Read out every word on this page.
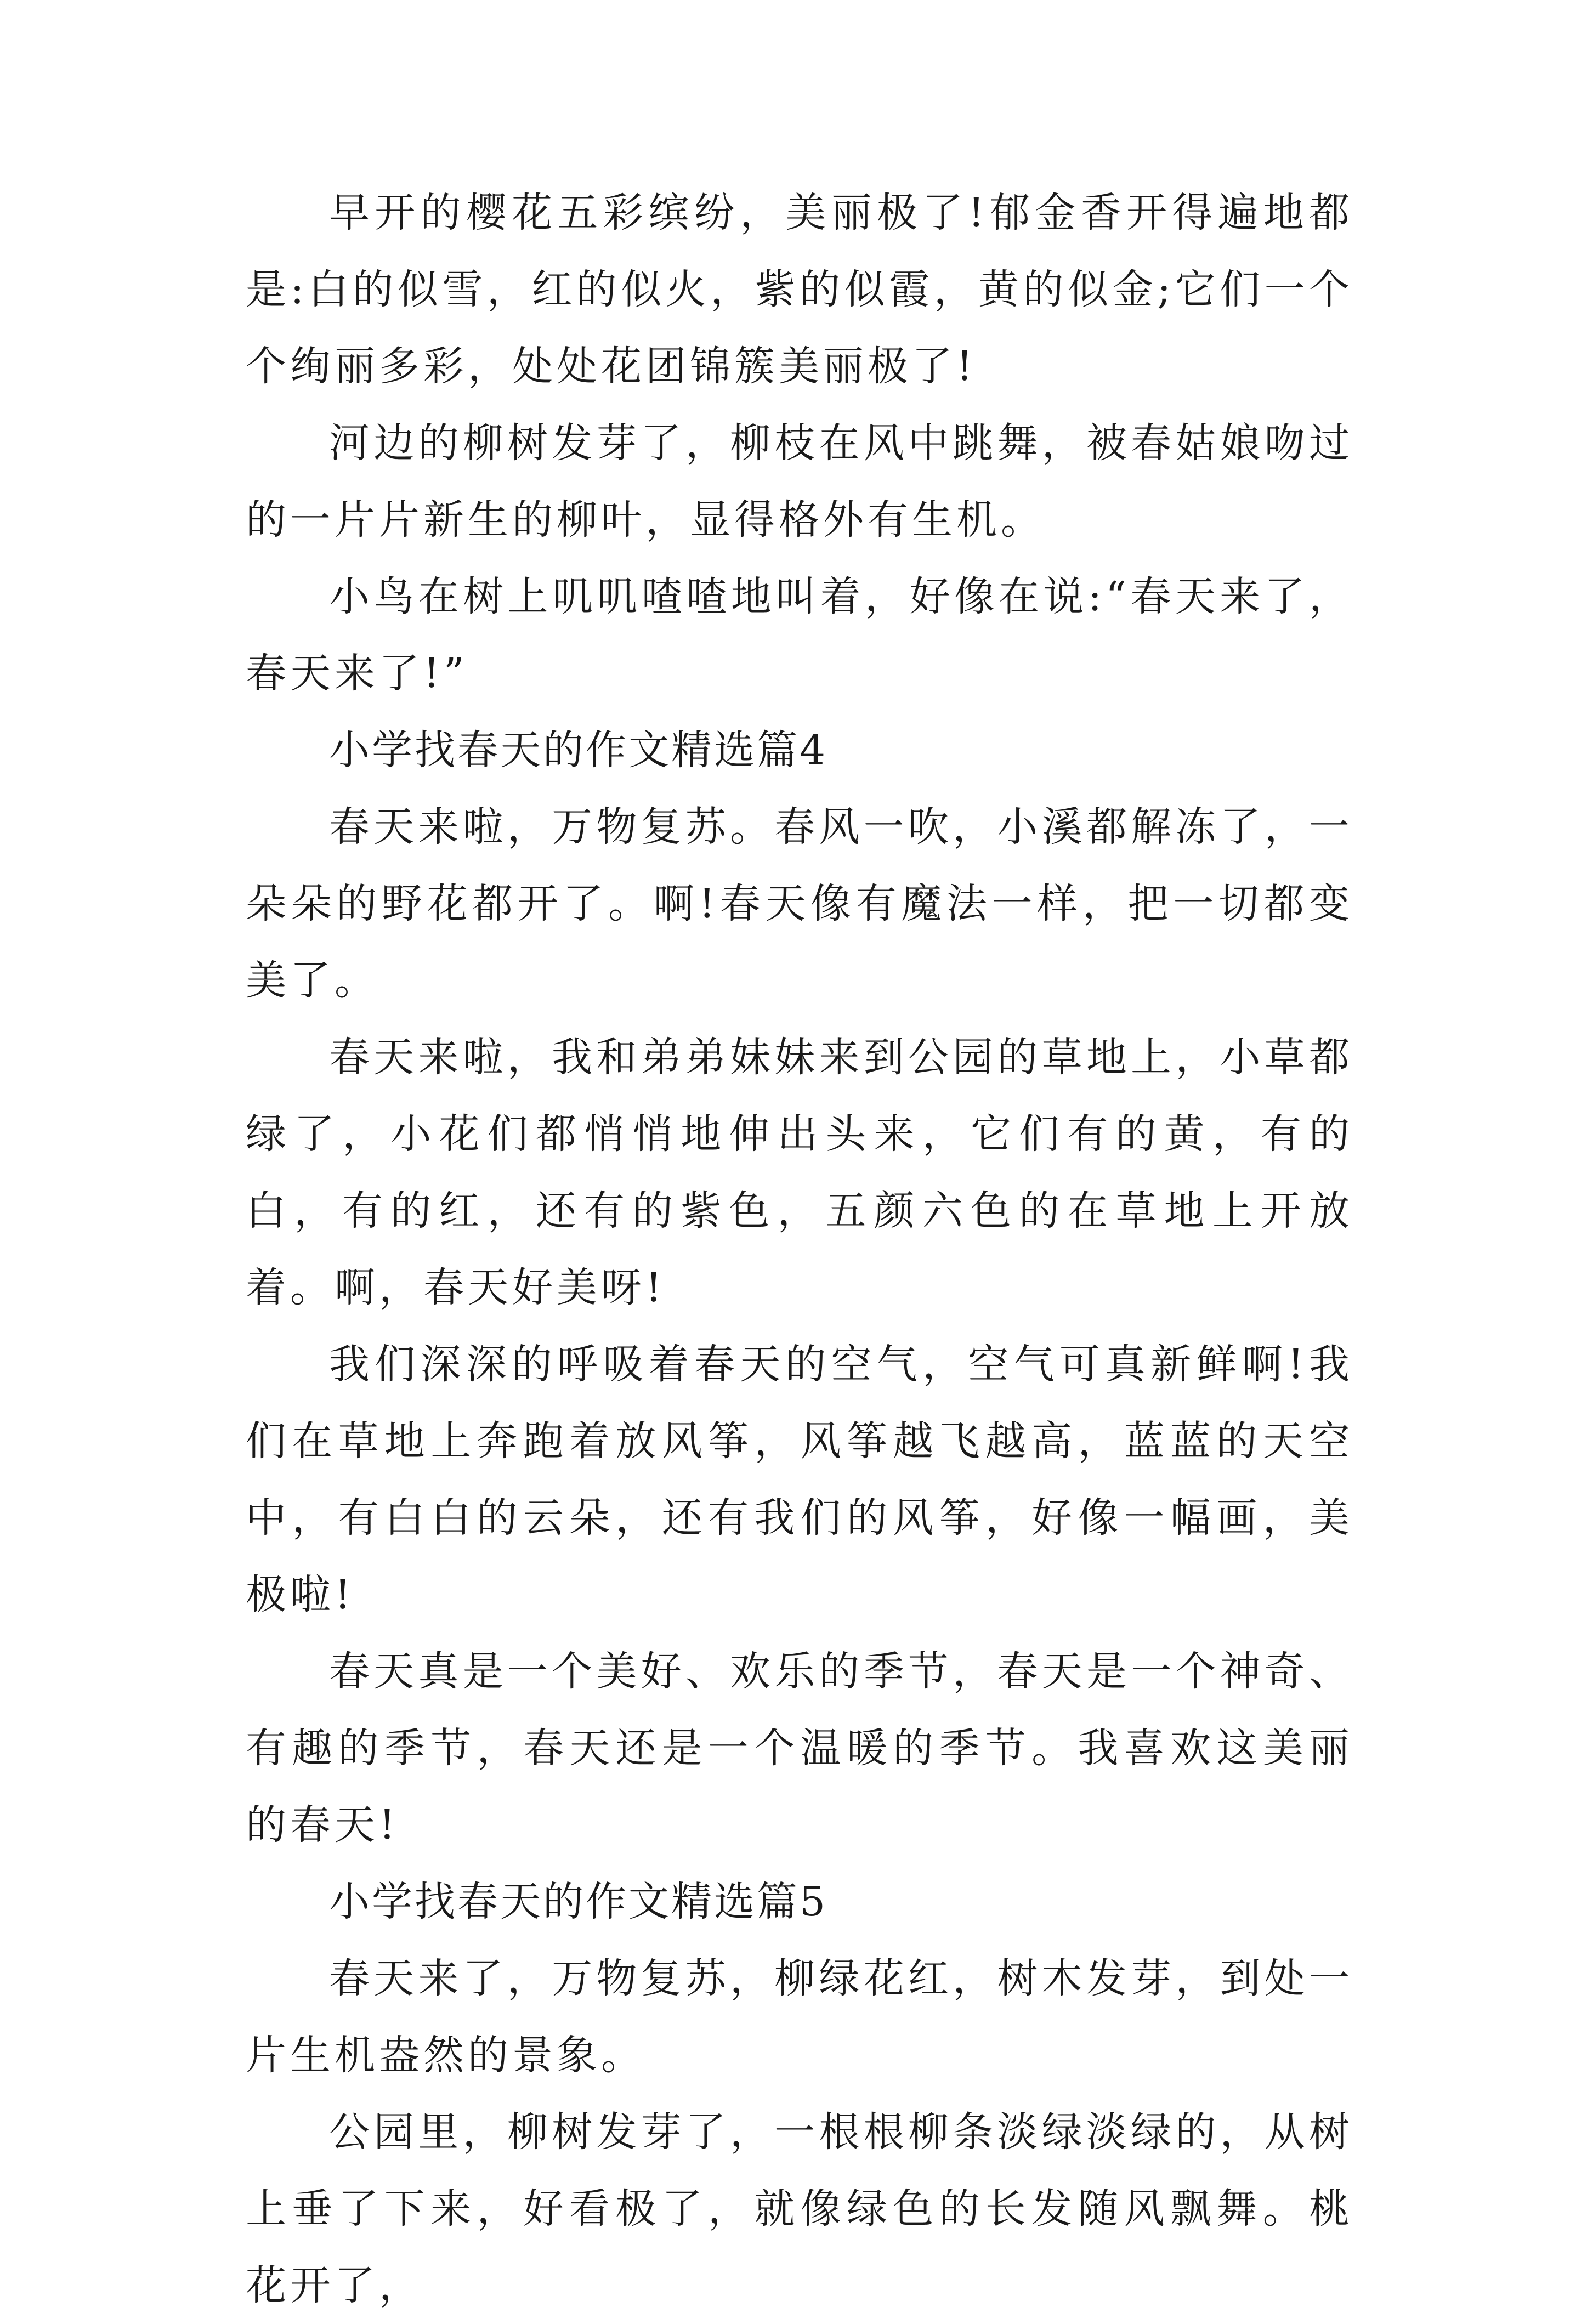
早开的樱花五彩缤纷，美丽极了!郁金香开得遍地都是:白的似雪，红的似火，紫的似霞，黄的似金;它们一个个绚丽多彩，处处花团锦簇美丽极了!

河边的柳树发芽了，柳枝在风中跳舞，被春姑娘吻过的一片片新生的柳叶，显得格外有生机。

小鸟在树上叽叽喳喳地叫着，好像在说:“春天来了，春天来了!”

小学找春天的作文精选篇4

春天来啦，万物复苏。春风一吹，小溪都解冻了，一朵朵的野花都开了。啊!春天像有魔法一样，把一切都变美了。

春天来啦，我和弟弟妹妹来到公园的草地上，小草都绿了，小花们都悄悄地伸出头来，它们有的黄，有的白，有的红，还有的紫色，五颜六色的在草地上开放着。啊，春天好美呀!

我们深深的呼吸着春天的空气，空气可真新鲜啊!我们在草地上奔跑着放风筝，风筝越飞越高，蓝蓝的天空中，有白白的云朵，还有我们的风筝，好像一幅画，美极啦!

春天真是一个美好、欢乐的季节，春天是一个神奇、有趣的季节，春天还是一个温暖的季节。我喜欢这美丽的春天!

小学找春天的作文精选篇5

春天来了，万物复苏，柳绿花红，树木发芽，到处一片生机盎然的景象。

公园里，柳树发芽了，一根根柳条淡绿淡绿的，从树上垂了下来，好看极了，就像绿色的长发随风飘舞。桃花开了，
